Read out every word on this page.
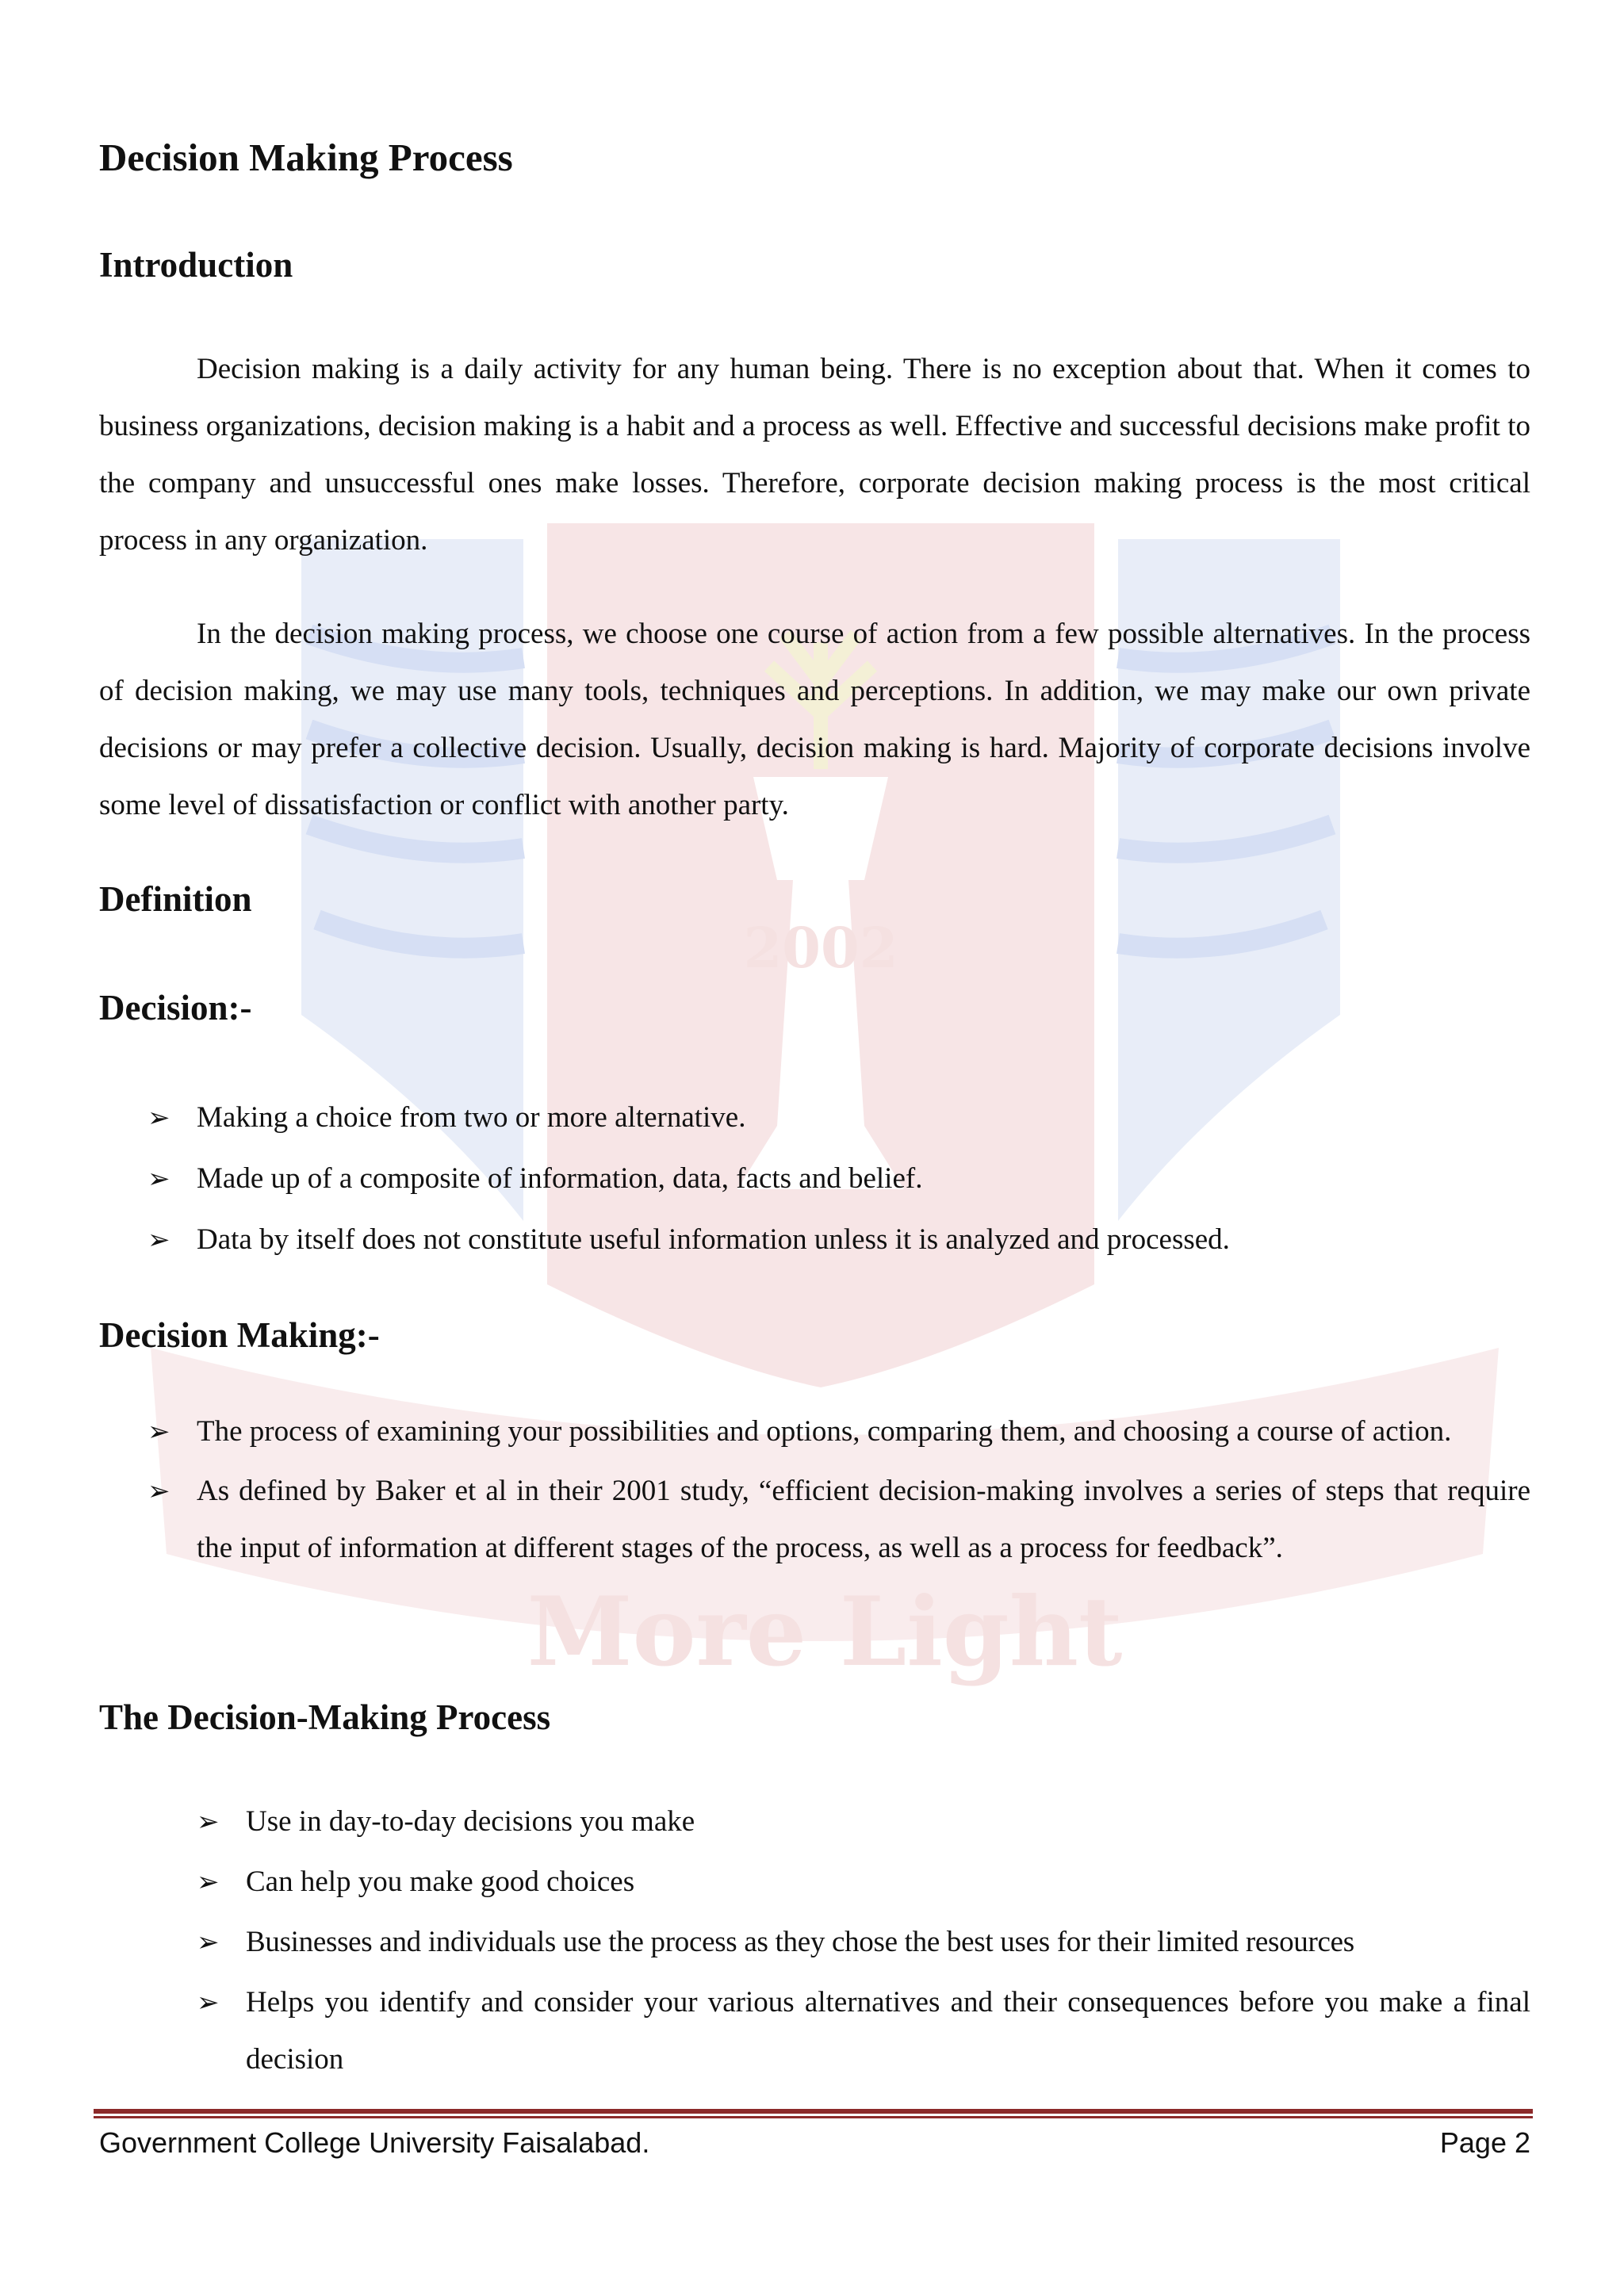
2002
More Light
Decision Making Process
Introduction

Decision making is a daily activity for any human being. There is no exception about that. When it comes to business organizations, decision making is a habit and a process as well. Effective and successful decisions make profit to the company and unsuccessful ones make losses. Therefore, corporate decision making process is the most critical process in any organization.

In the decision making process, we choose one course of action from a few possible alternatives. In the process of decision making, we may use many tools, techniques and perceptions. In addition, we may make our own private decisions or may prefer a collective decision. Usually, decision making is hard. Majority of corporate decisions involve some level of dissatisfaction or conflict with another party.

Definition
Decision:-
➢ Making a choice from two or more alternative.
➢ Made up of a composite of information, data, facts and belief.
➢ Data by itself does not constitute useful information unless it is analyzed and processed.
Decision Making:-
➢ The process of examining your possibilities and options, comparing them, and choosing a course of action.
➢ As defined by Baker et al in their 2001 study, “efficient decision-making involves a series of steps that require the input of information at different stages of the process, as well as a process for feedback”.
The Decision-Making Process
➢ Use in day-to-day decisions you make
➢ Can help you make good choices
➢ Businesses and individuals use the process as they chose the best uses for their limited resources
➢ Helps you identify and consider your various alternatives and their consequences before you make a final decision
Government College University Faisalabad.	Page 2
